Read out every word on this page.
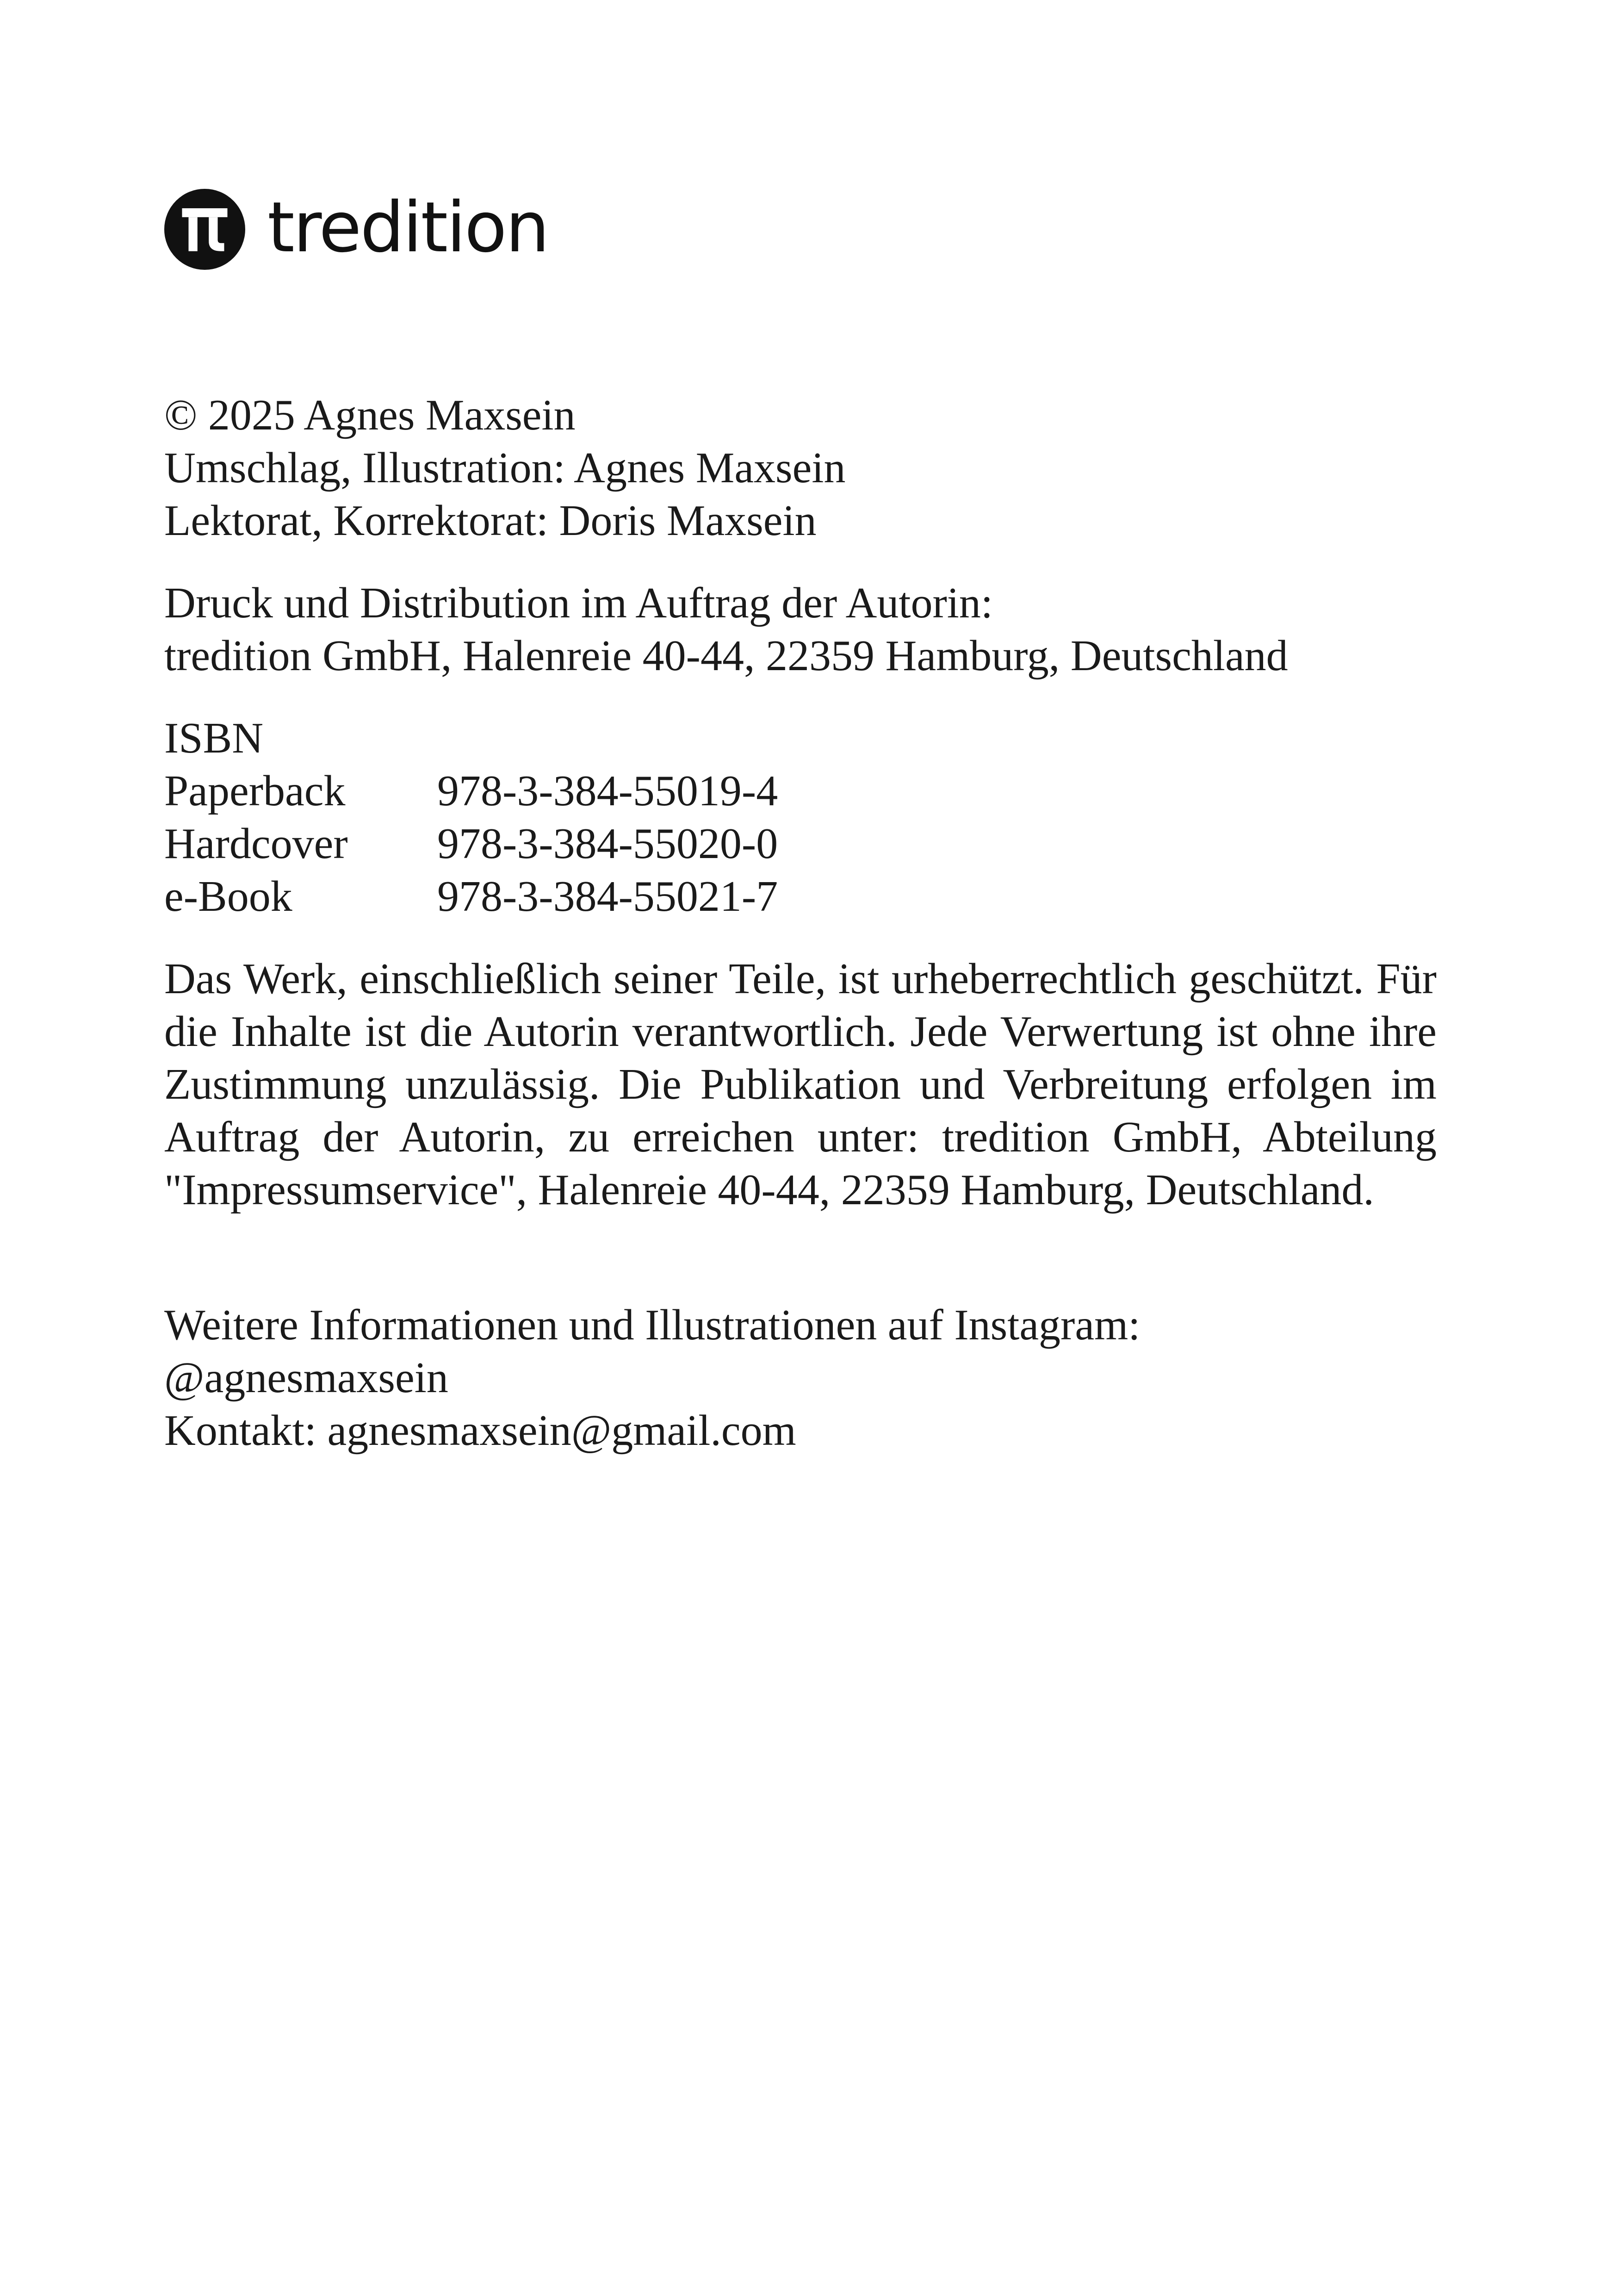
tredition
© 2025 Agnes Maxsein
Umschlag, Illustration: Agnes Maxsein
Lektorat, Korrektorat: Doris Maxsein
Druck und Distribution im Auftrag der Autorin:
tredition GmbH, Halenreie 40-44, 22359 Hamburg, Deutschland
ISBN
Paperback	978-3-384-55019-4
Hardcover	978-3-384-55020-0
e-Book	978-3-384-55021-7

Das Werk, einschließlich seiner Teile, ist urheberrechtlich geschützt. Für die Inhalte ist die Autorin verantwortlich. Jede Verwertung ist ohne ihre Zustimmung unzulässig. Die Publikation und Verbreitung erfolgen im Auftrag der Autorin, zu erreichen unter: tredition GmbH, Abteilung "Impressumservice", Halenreie 40-44, 22359 Hamburg, Deutschland.

Weitere Informationen und Illustrationen auf Instagram:
@agnesmaxsein
Kontakt: agnesmaxsein@gmail.com
